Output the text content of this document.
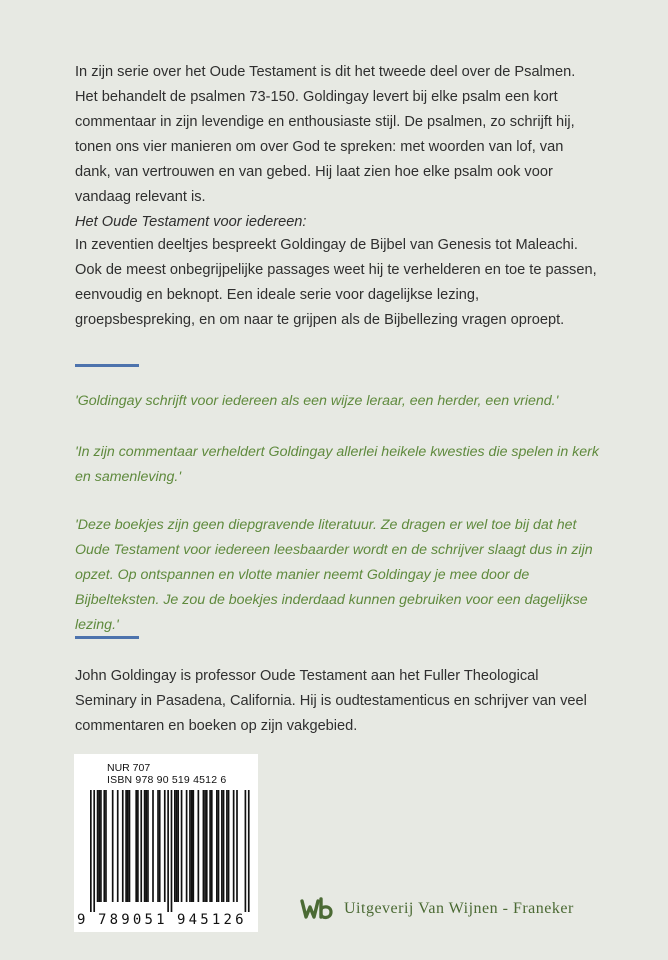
In zijn serie over het Oude Testament is dit het tweede deel over de Psalmen. Het behandelt de psalmen 73-150. Goldingay levert bij elke psalm een kort commentaar in zijn levendige en enthousiaste stijl. De psalmen, zo schrijft hij, tonen ons vier manieren om over God te spreken: met woorden van lof, van dank, van vertrouwen en van gebed. Hij laat zien hoe elke psalm ook voor vandaag relevant is.

Het Oude Testament voor iedereen:

In zeventien deeltjes bespreekt Goldingay de Bijbel van Genesis tot Maleachi. Ook de meest onbegrijpelijke passages weet hij te verhelderen en toe te passen, eenvoudig en beknopt. Een ideale serie voor dagelijkse lezing, groepsbespreking, en om naar te grijpen als de Bijbellezing vragen oproept.

'Goldingay schrijft voor iedereen als een wijze leraar, een herder, een vriend.'

'In zijn commentaar verheldert Goldingay allerlei heikele kwesties die spelen in kerk en samenleving.'

'Deze boekjes zijn geen diepgravende literatuur. Ze dragen er wel toe bij dat het Oude Testament voor iedereen leesbaarder wordt en de schrijver slaagt dus in zijn opzet. Op ontspannen en vlotte manier neemt Goldingay je mee door de Bijbelteksten. Je zou de boekjes inderdaad kunnen gebruiken voor een dagelijkse lezing.'

John Goldingay is professor Oude Testament aan het Fuller Theological Seminary in Pasadena, California. Hij is oudtestamenticus en schrijver van veel commentaren en boeken op zijn vakgebied.

NUR 707
ISBN 978 90 519 4512 6
9 789051 945126
Uitgeverij Van Wijnen - Franeker
